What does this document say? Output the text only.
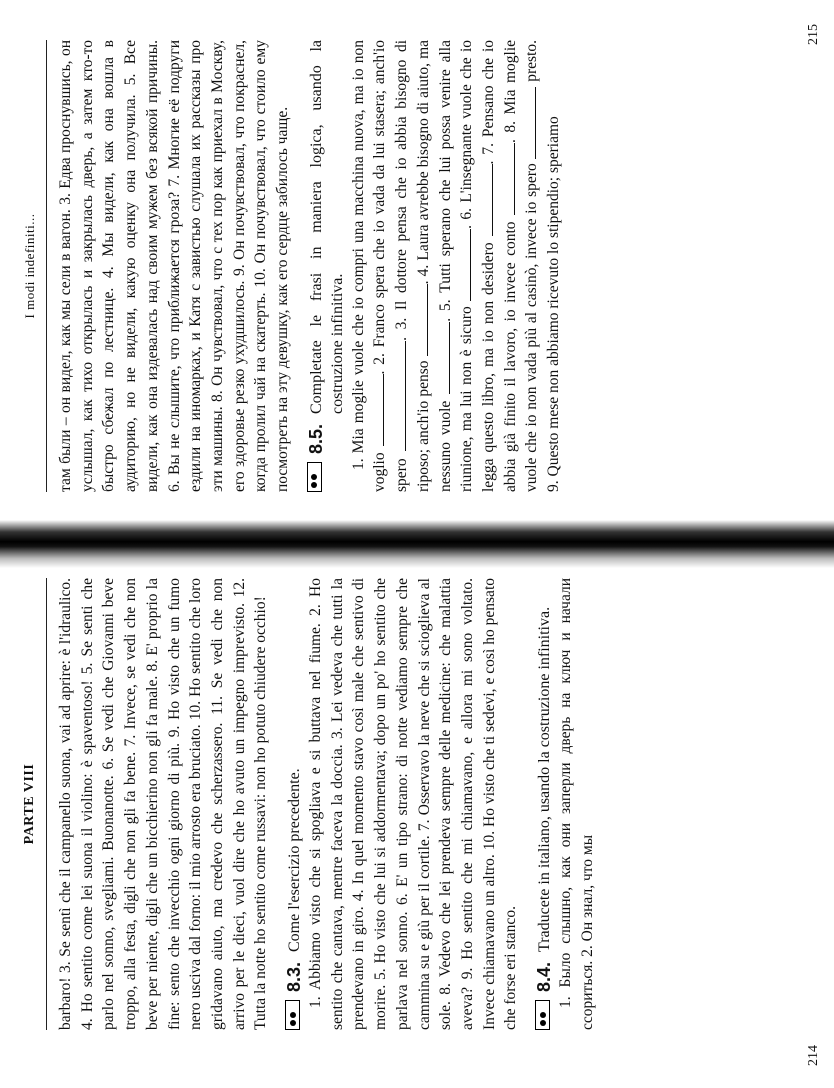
PARTE VIII barbaro! 3. Se sentì che il campanello suona, vai ad aprire: è l'idraulico. 4. Ho sentito come lei suona il violino: è spaventoso! 5. Se senti che parlo nel sonno, svegliami. Buonanotte. 6. Se vedi che Giovanni beve troppo, alla festa, digli che non gli fa bene. 7. Invece, se vedi che non beve per niente, digli che un bicchierino non gli fa male. 8. E' proprio la fine: sento che invecchio ogni giorno di più. 9. Ho visto che un fumo nero usciva dal forno: il mio arrosto era bruciato. 10. Ho sentito che loro gridavano aiuto, ma credevo che scherzassero. 11. Se vedi che non arrivo per le dieci, vuol dire che ho avuto un impegno imprevisto. 12. Tutta la notte ho sentito come russavi: non ho potuto chiudere occhio! 8.3.
Come l'esercizio precedente. 1. Abbiamo visto che si spogliava e si buttava nel fiume. 2. Ho sentito che cantava, mentre faceva la doccia. 3. Lei vedeva che tutti la prendevano in giro. 4. In quel momento stavo così male che sentivo di morire. 5. Ho visto che lui si addormentava; dopo un po' ho sentito che parlava nel sonno. 6. E' un tipo strano: di notte vediamo sempre che cammina su e giù per il cortile. 7. Osservavo la neve che si scioglieva al sole. 8. Vedevo che lei prendeva sempre delle medicine: che malattia aveva? 9. Ho sentito che mi chiamavano, e allora mi sono voltato. Invece chiamavano un altro. 10. Ho visto che ti sedevi, e così ho pensato che forse eri stanco. 8.4.
Traducete in italiano, usando la costruzione infinitiva. 1. Было слышно, как они заперли дверь на ключ и начали ссориться. 2. Он знал, что мы

214
I modi indefiniti... там были – он видел, как мы сели в вагон. 3. Едва проснувшись, он услышал, как тихо открылась и закрылась дверь, а затем кто-то быстро сбежал по лестнице. 4. Мы видели, как она вошла в аудиторию, но не видели, какую оценку она получила. 5. Все видели, как она издевалась над своим мужем без всякой причины. 6. Вы не слышите, что приближается гроза? 7. Многие её подруги ездили на иномарках, и Катя с завистью слушала их рассказы про эти машины. 8. Он чувствовал, что с тех пор как приехал в Москву, его здоровье резко ухудшилось. 9. Он почувствовал, что покраснел, когда пролил чай на скатерть. 10. Он почувствовал, что стоило ему посмотреть на эту девушку, как его сердце забилось чаще. 8.5.
Completate le frasi in maniera logica, usando la costruzione infinitiva. 1. Mia moglie vuole che io compri una macchina nuova, ma io non voglio . 2. Franco spera che io vada da lui stasera; anch'io spero . 3. Il dottore pensa che io abbia bisogno di riposo; anch'io penso . 4. Laura avrebbe bisogno di aiuto, ma nessuno vuole . 5. Tutti sperano che lui possa venire alla riunione, ma lui non è sicuro . 6. L'insegnante vuole che io legga questo libro, ma io non desidero . 7. Pensano che io abbia già finito il lavoro, io invece conto . 8. Mia moglie vuole che io non vada più al casinò, invece io spero  presto. 9. Questo mese non abbiamo ricevuto lo stipendio; speriamo

215
